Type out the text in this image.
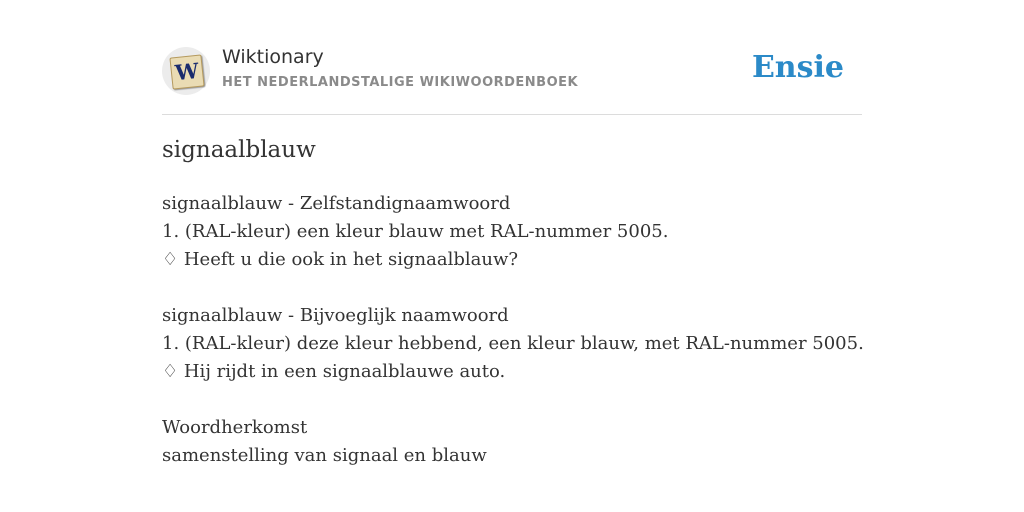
W
Wiktionary
HET NEDERLANDSTALIGE WIKIWOORDENBOEK	Ensie
signaalblauw
signaalblauw - Zelfstandignaamwoord
1. (RAL-kleur) een kleur blauw met RAL-nummer 5005.
♢ Heeft u die ook in het signaalblauw?
signaalblauw - Bijvoeglijk naamwoord
1. (RAL-kleur) deze kleur hebbend, een kleur blauw, met RAL-nummer 5005.
♢ Hij rijdt in een signaalblauwe auto.
Woordherkomst
samenstelling van signaal en blauw
